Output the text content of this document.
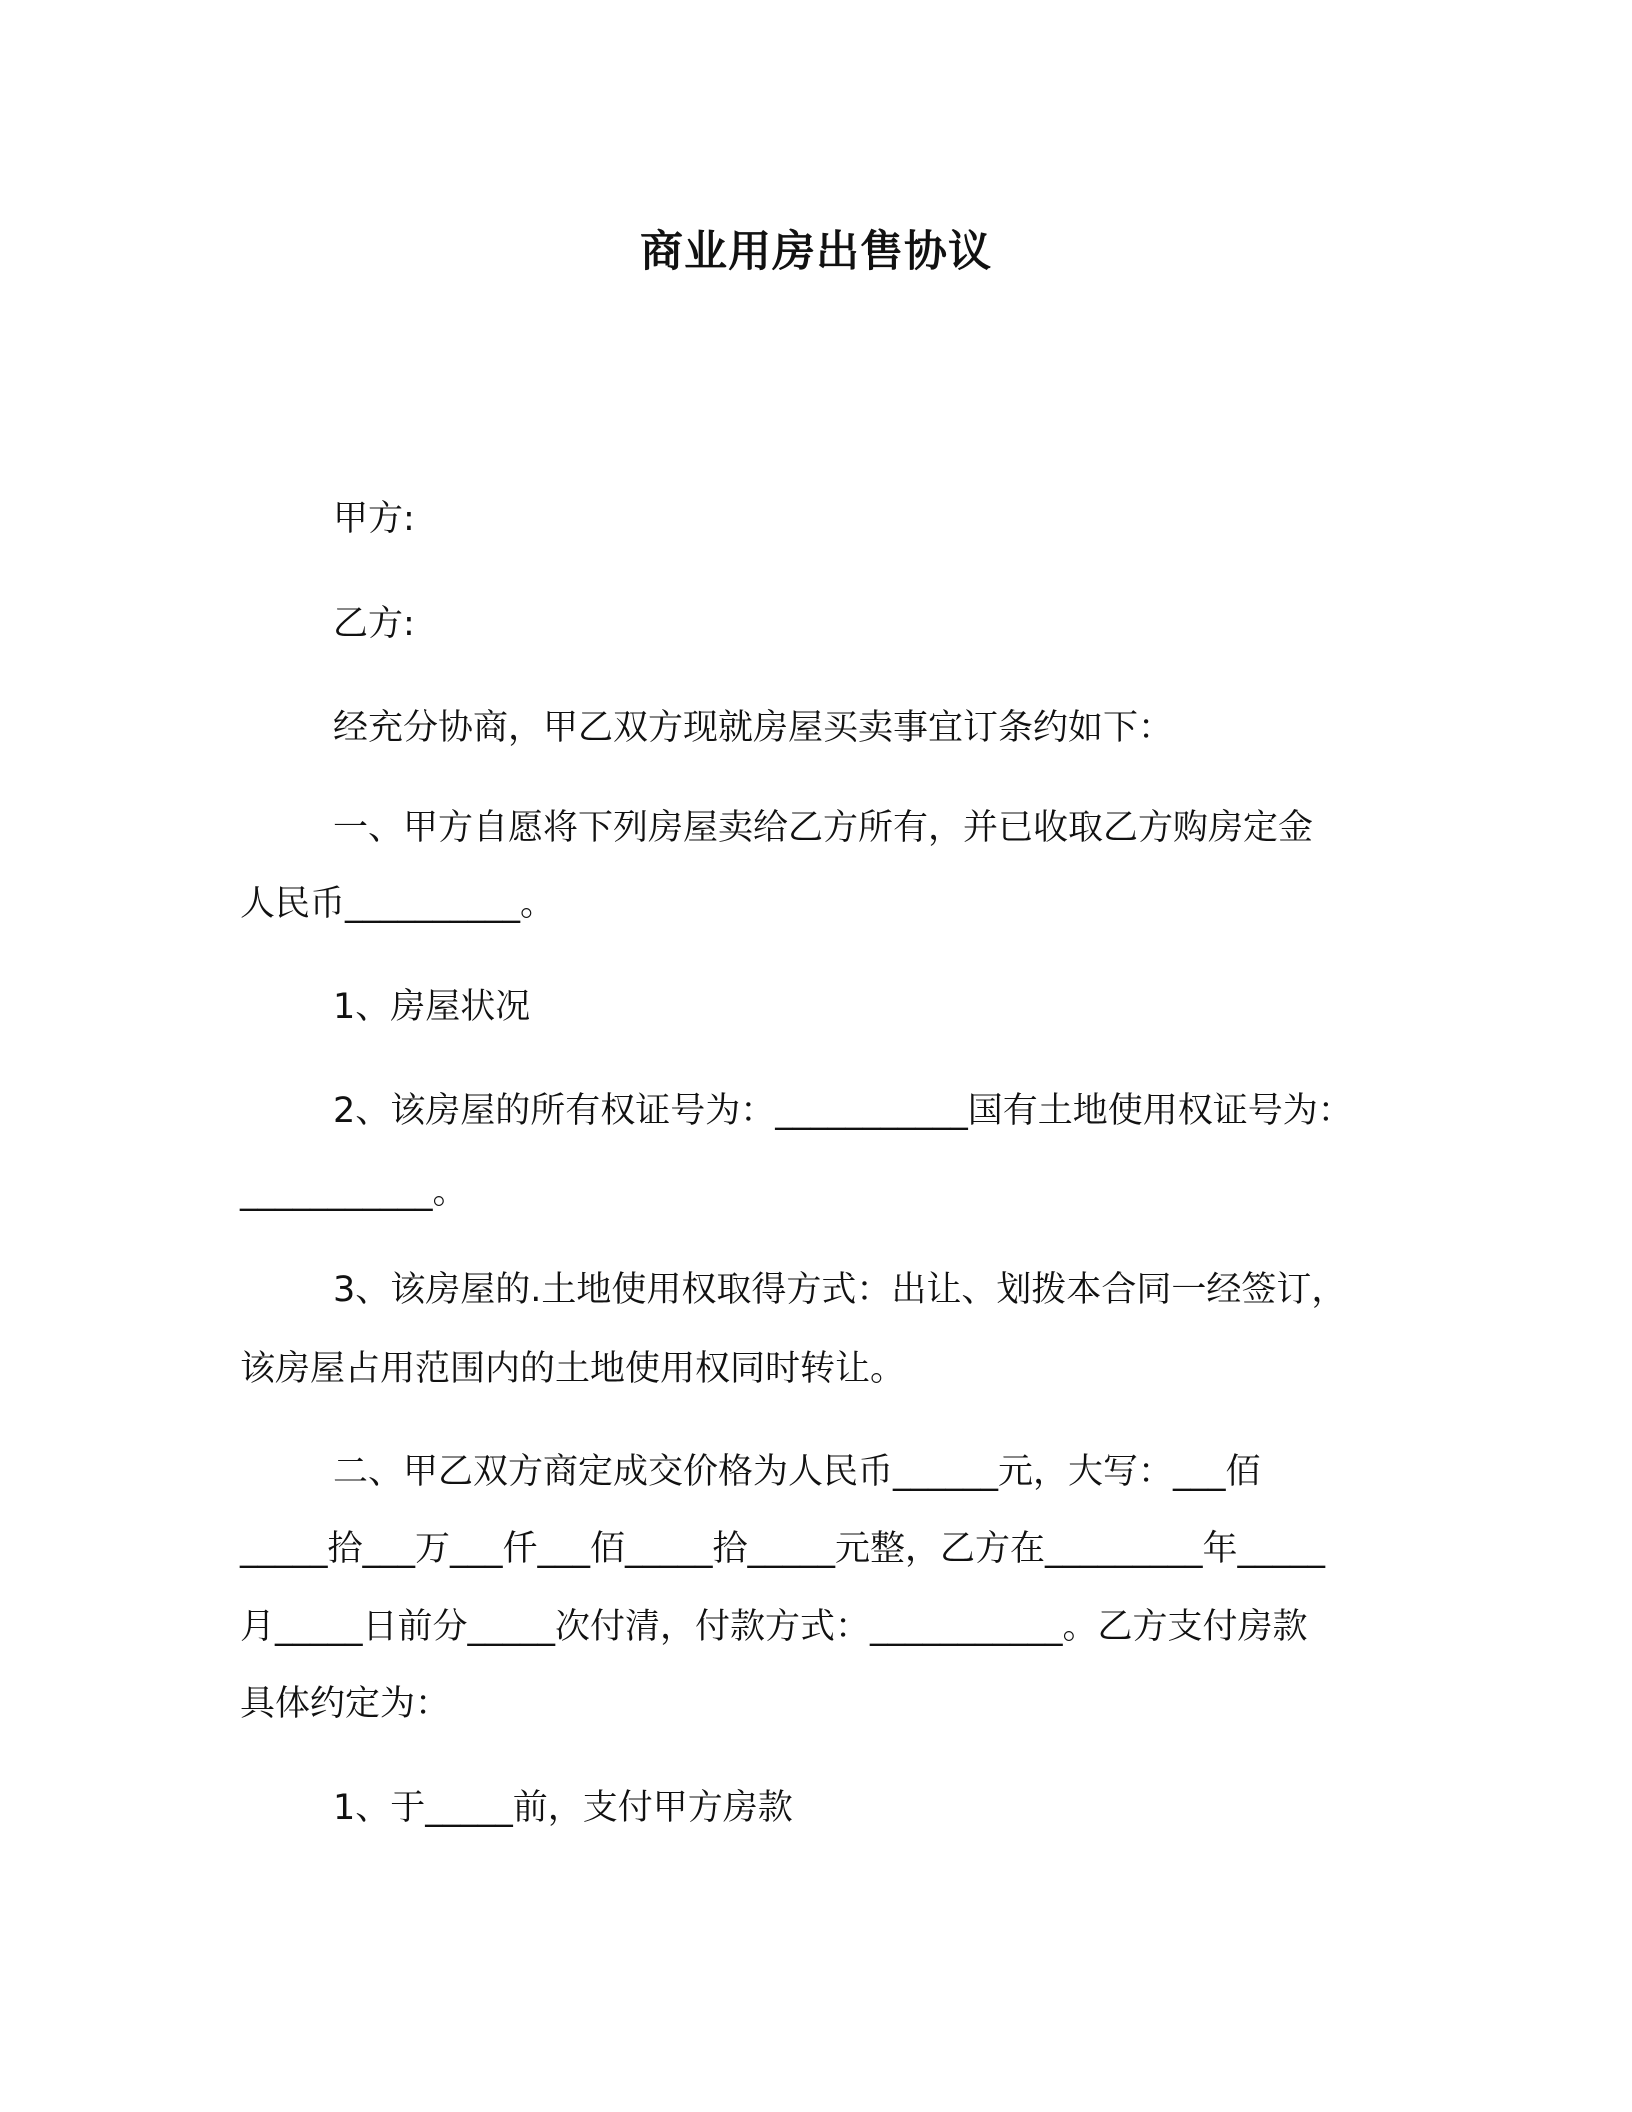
商业用房出售协议
甲方:
乙方:
经充分协商，甲乙双方现就房屋买卖事宜订条约如下：
一、甲方自愿将下列房屋卖给乙方所有，并已收取乙方购房定金
人民币__________。
1、房屋状况
2、该房屋的所有权证号为：___________国有土地使用权证号为：
___________。
3、该房屋的.土地使用权取得方式：出让、划拨本合同一经签订，
该房屋占用范围内的土地使用权同时转让。
二、甲乙双方商定成交价格为人民币______元，大写：___佰
_____拾___万___仟___佰_____拾_____元整，乙方在_________年_____
月_____日前分_____次付清，付款方式：___________。乙方支付房款
具体约定为：
1、于_____前，支付甲方房款
